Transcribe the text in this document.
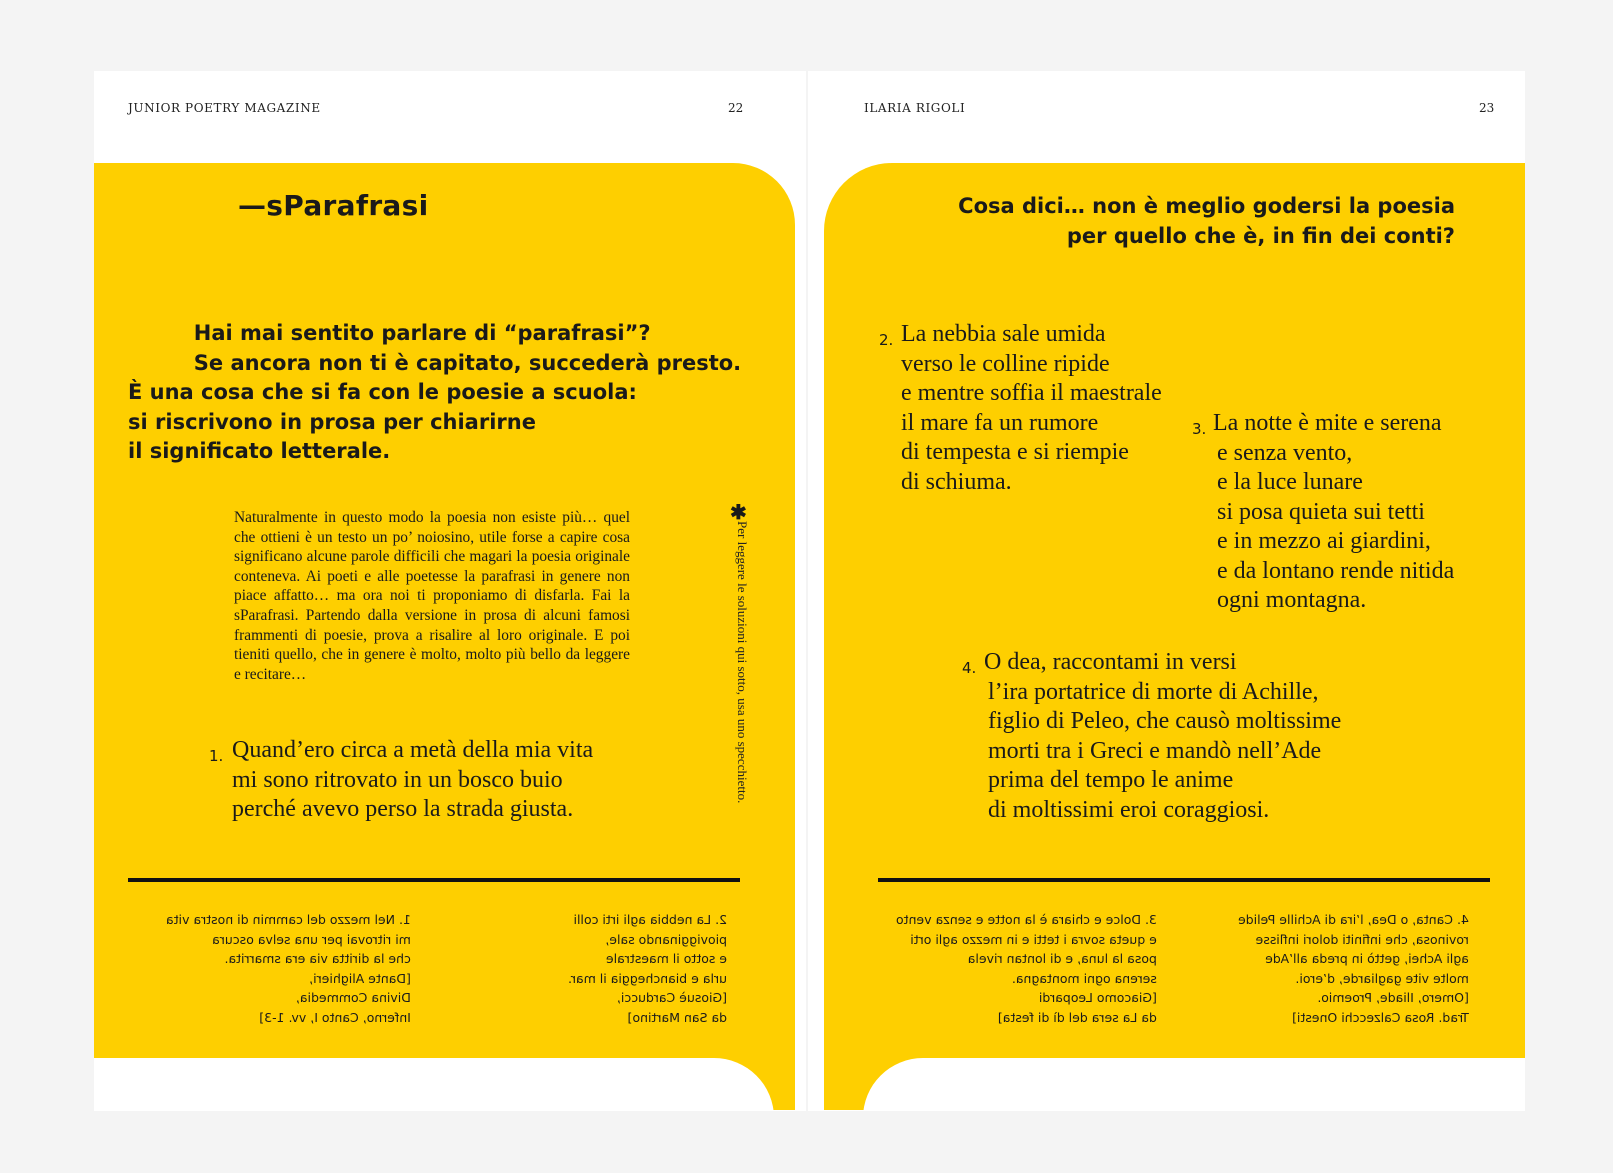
JUNIOR POETRY MAGAZINE	22
—sParafrasi
Hai mai sentito parlare di “parafrasi”?
Se ancora non ti è capitato, succederà presto.
È una cosa che si fa con le poesie a scuola:
si riscrivono in prosa per chiarirne
il significato letterale.
Naturalmente in questo modo la poesia non esiste più… quel che ottieni è un testo un po’ noiosino, utile forse a capire cosa significano alcune parole difficili che magari la poesia originale conteneva. Ai poeti e alle poetesse la parafrasi in genere non piace affatto… ma ora noi ti proponiamo di disfarla. Fai la sParafrasi. Partendo dalla versione in prosa di alcuni famosi frammenti di poesie, prova a risalire al loro originale. E poi tieniti quello, che in genere è molto, molto più bello da leggere e recitare…
✱
Per leggere le soluzioni qui sotto, usa uno specchietto.
1. Quand’ero circa a metà della mia vita
mi sono ritrovato in un bosco buio
perché avevo perso la strada giusta.
1. Nel mezzo del cammin di nostra vita
mi ritrovai per una selva oscura
che la diritta via era smarrita.
[Dante Alighieri,
Divina Commedia,
Inferno, Canto I, vv. 1-3]
2. La nebbia agli irti colli
piovigginando sale,
e sotto il maestrale
urla e biancheggia il mar.
[Giosuè Carducci,
da San Martino]
ILARIA RIGOLI	23
Cosa dici… non è meglio godersi la poesia
per quello che è, in fin dei conti?
2. La nebbia sale umida
verso le colline ripide
e mentre soffia il maestrale
il mare fa un rumore
di tempesta e si riempie
di schiuma.
3. La notte è mite e serena
e senza vento,
e la luce lunare
si posa quieta sui tetti
e in mezzo ai giardini,
e da lontano rende nitida
ogni montagna.
4. O dea, raccontami in versi
l’ira portatrice di morte di Achille,
figlio di Peleo, che causò moltissime
morti tra i Greci e mandò nell’Ade
prima del tempo le anime
di moltissimi eroi coraggiosi.
3. Dolce e chiara è la notte e senza vento
e queta sovra i tetti e in mezzo agli orti
posa la luna, e di lontan rivela
serena ogni montagna.
[Giacomo Leopardi
da La sera del dì di festa]
4. Canta, o Dea, l’ira di Achille Pelide
rovinosa, che infiniti dolori inflisse
agli Achei, gettò in preda all’Ade
molte vite gagliarde, d’eroi.
[Omero, Iliade, Proemio.
Trad. Rosa Calzecchi Onesti]
